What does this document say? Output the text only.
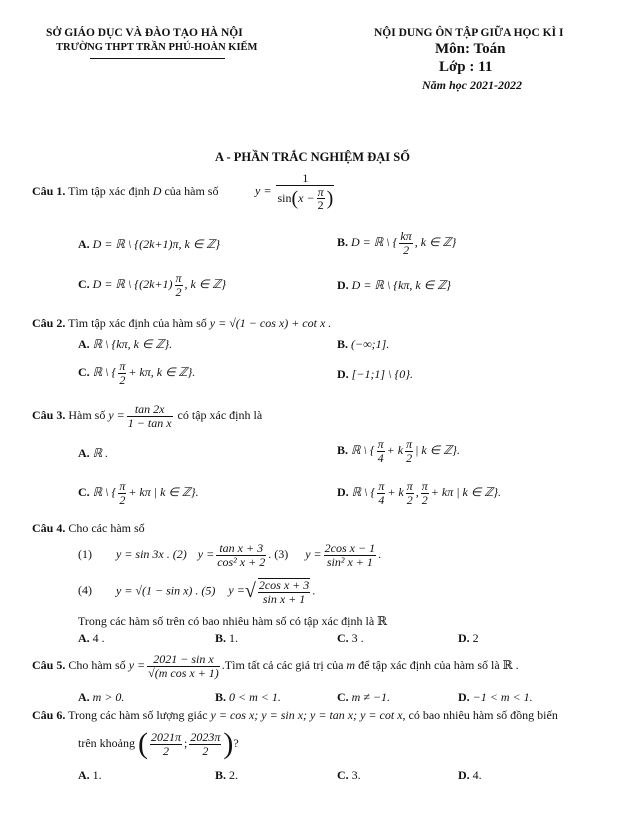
SỞ GIÁO DỤC VÀ ĐÀO TẠO HÀ NỘI
TRƯỜNG THPT TRẦN PHÚ-HOÀN KIẾM
NỘI DUNG ÔN TẬP GIỮA HỌC KÌ I
Môn: Toán
Lớp : 11
Năm học 2021-2022
A - PHẦN TRẮC NGHIỆM ĐẠI SỐ
Câu 1. Tìm tập xác định D của hàm số	$y = \frac{1}{\sin(x - \frac{\pi}{2} )}$
A. D = ℝ \ {(2k+1)π, k ∈ ℤ}	B. D = ℝ \ { $\frac{k\pi}{2}$ , k ∈ ℤ}
C. D = ℝ \ {$(2k+1) \frac{\pi}{2}$ , k ∈ ℤ}	D. D = ℝ \ {kπ, k ∈ ℤ}
Câu 2. Tìm tập xác định của hàm số y = √(1 − cos x) + cot x .
A. ℝ \ {kπ, k ∈ ℤ}.	B. (−∞;1].
C. ℝ \ { $\frac{\pi}{2} + k\pi$, k ∈ ℤ}.	D. [−1;1] \ {0}.
Câu 3. Hàm số $y = \frac{\tan 2x}{\text{1 − tan x}}$ có tập xác định là
A. ℝ .	B. ℝ \ { $\frac{\pi}{4} + k \frac{\pi}{2}$ | k ∈ ℤ}.
C. ℝ \ { $\frac{\pi}{2} + k\pi$ | k ∈ ℤ}.	D. ℝ \ { $\frac{\pi}{4} + k \frac{\pi}{2}$ , $\frac{\pi}{2} + k\pi$ | k ∈ ℤ}.
Câu 4. Cho các hàm số
(1) y = sin 3x . (2) $y = \frac{\text{tan x + 3}}{\text{cos² x + 2}}$ . (3) $y = \frac{\text{2cos x − 1}}{\text{sin² x + 1}}$ .
(4) y = √(1 − sin x) . (5) y =√ $\frac{\text{2cos x + 3}}{\text{sin x + 1}}$ .
Trong các hàm số trên có bao nhiêu hàm số có tập xác định là ℝ
A. 4 .	B. 1.	C. 3 .	D. 2
Câu 5. Cho hàm số $y = \frac{\text{2021 − sin x}}{\text{√(m cos x + 1)}}$ .Tìm tất cả các giá trị của m để tập xác định của hàm số là ℝ .
A. m > 0.	B. 0 < m < 1.	C. m ≠ −1.	D. −1 < m < 1.
Câu 6. Trong các hàm số lượng giác y = cos x; y = sin x; y = tan x; y = cot x, có bao nhiêu hàm số đồng biến
trên khoảng ( $\frac{2021\pi}{2}$ ; $\frac{2023\pi}{2}$ )?
A. 1.	B. 2.	C. 3.	D. 4.
